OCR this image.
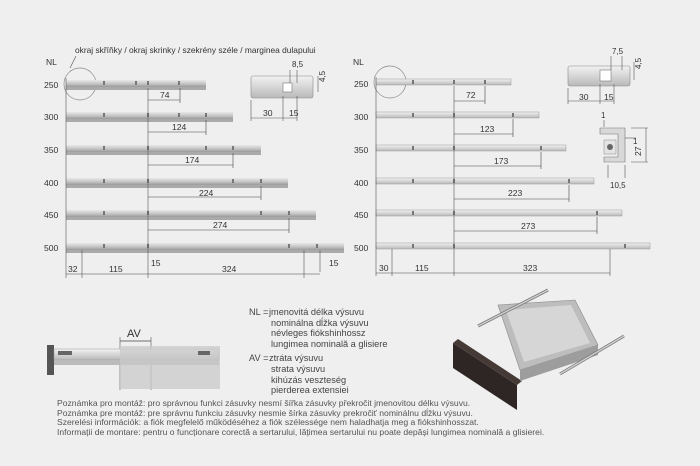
okraj skříňky / okraj skrinky / szekrény széle / marginea dulapului
NL
250
300
350
400
450
500
74
124
174
224
274
32	115	324
15	15
8,5
4,5
30 15
NL
250
300
350
400
450
500
72
123
173
223
273
30	115	323
7,5
4,5
30 15
1
27
10,5
1
AV
NL = jmenovitá délka výsuvu
nominálna dĺžka výsuvu
névleges fiókshinhossz
lungimea nominală a glisiere
AV = ztráta výsuvu
strata výsuvu
kihúzás veszteség
pierderea extensiei
Poznámka pro montáž: pro správnou funkci zásuvky nesmí šířka zásuvky překročit jmenovitou délku výsuvu.
Poznámka pre montáž: pre správnu funkciu zásuvky nesmie šírka zásuvky prekročiť nominálnu dĺžku výsuvu.
Szerelési információk: a fiók megfelelő működéséhez a fiók szélessége nem haladhatja meg a fiókshinhosszat.
Informații de montare: pentru o funcționare corectă a sertarului, lățimea sertarului nu poate depăși lungimea nominală a glisierei.
